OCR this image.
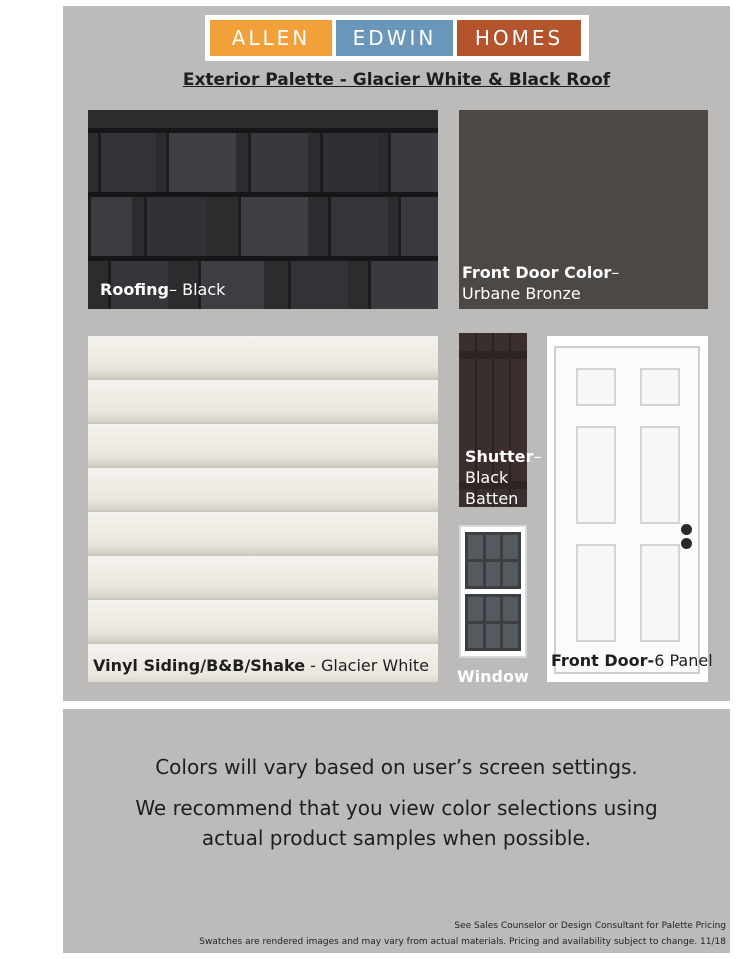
ALLEN	EDWIN	HOMES
Exterior Palette - Glacier White & Black Roof
Roofing– Black
Front Door Color–
Urbane Bronze
Vinyl Siding/B&B/Shake - Glacier White
Shutter–
Black
Batten
Window
Front Door-6 Panel
Colors will vary based on user’s screen settings.
We recommend that you view color selections using
actual product samples when possible.
See Sales Counselor or Design Consultant for Palette Pricing
Swatches are rendered images and may vary from actual materials. Pricing and availability subject to change. 11/18
